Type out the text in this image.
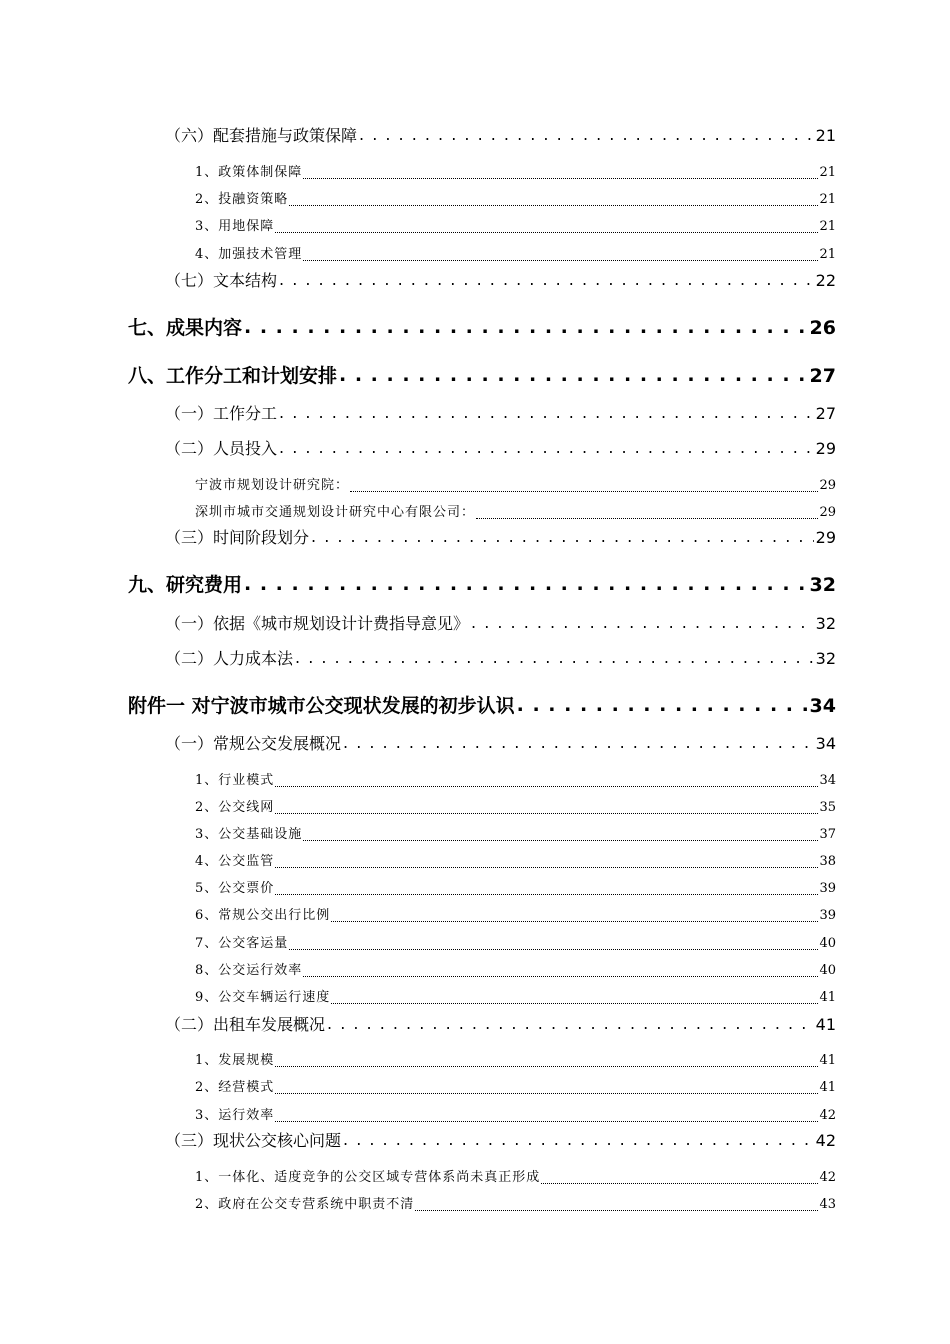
（六）配套措施与政策保障 . . .	21
1、政策体制保障	21
2、投融资策略	21
3、用地保障	21
4、加强技术管理	21
（七）文本结构 . . .	22
七、成果内容 . . .	26
八、工作分工和计划安排 . . .	27
（一）工作分工 . . .	27
（二）人员投入 . . .	29
宁波市规划设计研究院：	29
深圳市城市交通规划设计研究中心有限公司：	29
（三）时间阶段划分 . . .	29
九、研究费用 . . .	32
（一）依据《城市规划设计计费指导意见》 . . .	32
（二）人力成本法 . . .	32
附件一 对宁波市城市公交现状发展的初步认识 . . .	34
（一）常规公交发展概况 . . .	34
1、行业模式	34
2、公交线网	35
3、公交基础设施	37
4、公交监管	38
5、公交票价	39
6、常规公交出行比例	39
7、公交客运量	40
8、公交运行效率	40
9、公交车辆运行速度	41
（二）出租车发展概况 . . .	41
1、发展规模	41
2、经营模式	41
3、运行效率	42
（三）现状公交核心问题 . . .	42
1、一体化、适度竞争的公交区域专营体系尚未真正形成	42
2、政府在公交专营系统中职责不清	43
